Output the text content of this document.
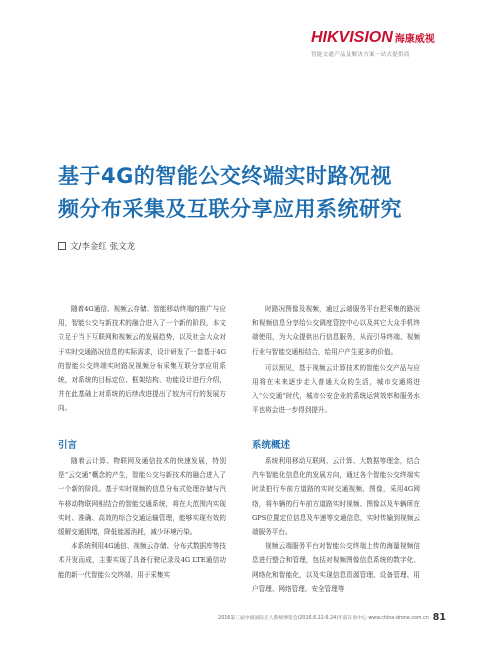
HIKVISION 海康威视
智能交通产品及解决方案一站式提供商
基于4G的智能公交终端实时路况视
频分布采集及互联分享应用系统研究
文/李金红 张文龙

随着4G通信、视频云存储、智能移动终端的推广与应用，智能公交与新技术的融合进入了一个新的阶段，本文立足于当下互联网和视频云的发展趋势，以及社会大众对于实时交通路况信息的实际需求，设计研发了一套基于4G的智能公交终端实时路况视频分布采集互联分享应用系统，对系统的目标定位、框架结构、功能设计进行介绍，并在此基础上对系统的后续改进提出了较为可行的发展方向。

时路况图像及视频，通过云端服务平台把采集的路况和视频信息分享给公交调度管控中心以及其它大众手机终端使用，为大众提供出行信息服务，从而引导终端、视频行业与智能交通相结合，给用户产生更多的价值。

可以预见，基于视频云计算技术的智能公交产品与应用将在未来逐步走入普通大众的生活，城市交通将进入“公交通”时代，城市公安企业的系统运营效率和服务水平也将会进一步得到提升。

引言

随着云计算、物联网及通信技术的快速发展，特别是“云交通”概念的产生，智能公交与新技术的融合进入了一个新的阶段。基于实时视频的信息分布式处理存储与汽车移动物联网相结合的智能交通系统，将在大范围内实现实时、准确、高效的综合交通运输管理，能够实现有效的缓解交通拥堵，降低能源消耗，减少环境污染。

本系统利用4G通信、视频云存储、分布式数据库等技术开发而成，主要实现了具备行驶记录及4G LTE通信功能的新一代智能公交终端、用于采集实

系统概述

系统利用移动互联网、云计算、大数据等理念，结合汽车智能化信息化的发展方向，通过各个智能公交终端实时录拍行车前方道路的实时交通视频、图像，采用4G网络，将车辆的行车前方道路实时视频、图像以及车辆所在GPS位置定位信息及车速等交通信息，实时传输到视频云端服务平台。

视频云端服务平台对智能公交终端上传的海量视频信息进行整合和管理，包括对视频图像信息系统的数字化、网络化和智能化，以及实现信息资源管理、设备管理、用户管理、网络管理、安全管理等

2016第三届中国国际无人系统博览会(2016.6.22-6.24)年前在看中心 www.china-drone.com.cn 81
